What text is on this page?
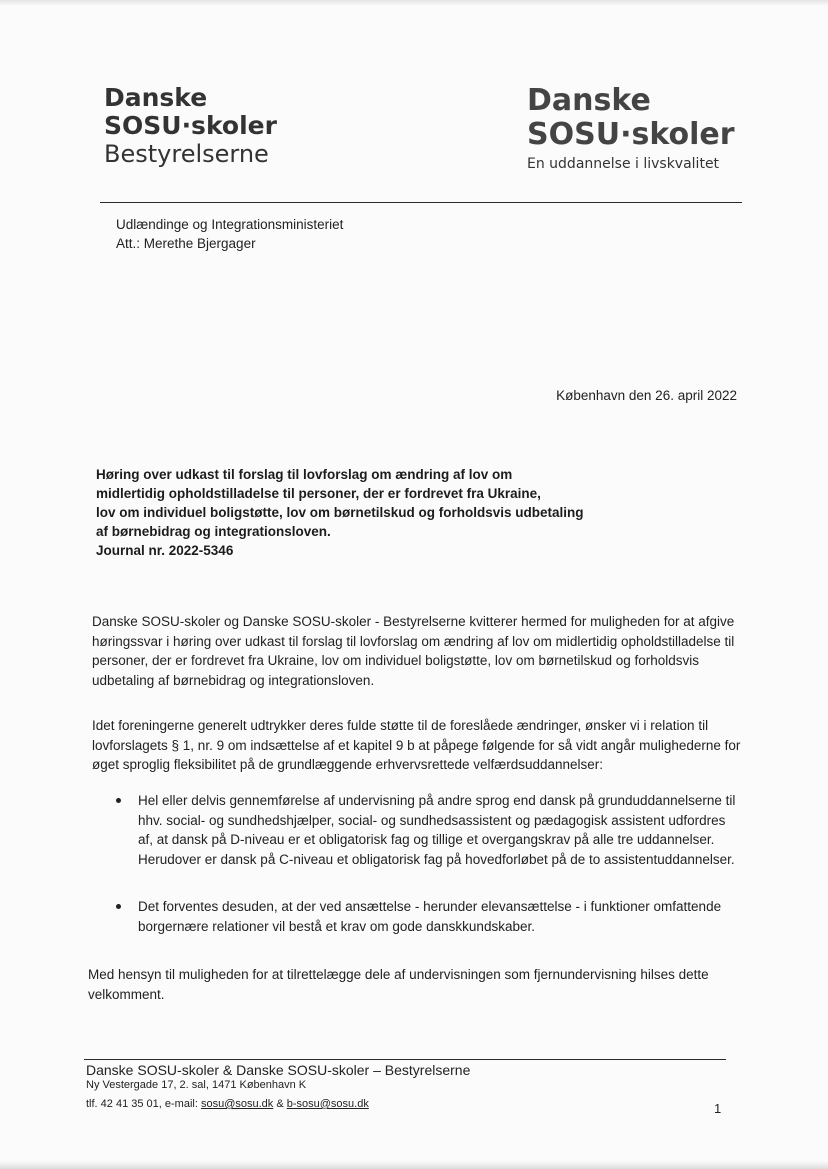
Danske
SOSU·skoler
Bestyrelserne
Danske
SOSU·skoler
En uddannelse i livskvalitet
Udlændinge og Integrationsministeriet
Att.: Merethe Bjergager
København den 26. april 2022
Høring over udkast til forslag til lovforslag om ændring af lov om
midlertidig opholdstilladelse til personer, der er fordrevet fra Ukraine,
lov om individuel boligstøtte, lov om børnetilskud og forholdsvis udbetaling
af børnebidrag og integrationsloven.
Journal nr. 2022-5346
Danske SOSU-skoler og Danske SOSU-skoler - Bestyrelserne kvitterer hermed for muligheden for at afgive høringssvar i høring over udkast til forslag til lovforslag om ændring af lov om midlertidig opholdstilladelse til personer, der er fordrevet fra Ukraine, lov om individuel boligstøtte, lov om børnetilskud og forholdsvis udbetaling af børnebidrag og integrationsloven.
Idet foreningerne generelt udtrykker deres fulde støtte til de foreslåede ændringer, ønsker vi i relation til lovforslagets § 1, nr. 9 om indsættelse af et kapitel 9 b at påpege følgende for så vidt angår mulighederne for øget sproglig fleksibilitet på de grundlæggende erhvervsrettede velfærdsuddannelser:
Hel eller delvis gennemførelse af undervisning på andre sprog end dansk på grunduddannelserne til hhv. social- og sundhedshjælper, social- og sundhedsassistent og pædagogisk assistent udfordres af, at dansk på D-niveau er et obligatorisk fag og tillige et overgangskrav på alle tre uddannelser. Herudover er dansk på C-niveau et obligatorisk fag på hovedforløbet på de to assistentuddannelser.
Det forventes desuden, at der ved ansættelse - herunder elevansættelse - i funktioner omfattende borgernære relationer vil bestå et krav om gode danskkundskaber.
Med hensyn til muligheden for at tilrettelægge dele af undervisningen som fjernundervisning hilses dette velkomment.
Danske SOSU-skoler & Danske SOSU-skoler – Bestyrelserne
Ny Vestergade 17, 2. sal, 1471 København K
tlf. 42 41 35 01, e-mail: sosu@sosu.dk & b-sosu@sosu.dk	1
